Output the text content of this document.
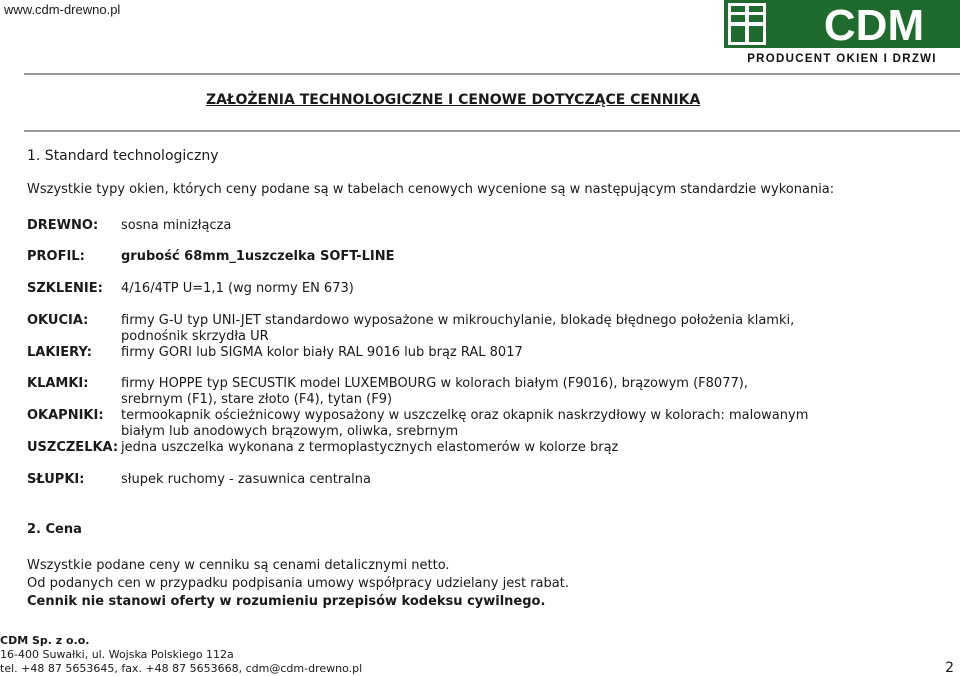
www.cdm-drewno.pl	CDM
PRODUCENT OKIEN I DRZWI
ZAŁOŻENIA TECHNOLOGICZNE I CENOWE DOTYCZĄCE CENNIKA
1. Standard technologiczny
Wszystkie typy okien, których ceny podane są w tabelach cenowych wycenione są w następującym standardzie wykonania:
DREWNO: sosna minizłącza
PROFIL:	grubość 68mm_1uszczelka SOFT-LINE
SZKLENIE: 4/16/4TP U=1,1 (wg normy EN 673)
OKUCIA:	firmy G-U typ UNI-JET standardowo wyposażone w mikrouchylanie, blokadę błędnego położenia klamki,
podnośnik skrzydła UR
LAKIERY: firmy GORI lub SIGMA kolor biały RAL 9016 lub brąz RAL 8017
KLAMKI:	firmy HOPPE typ SECUSTIK model LUXEMBOURG w kolorach białym (F9016), brązowym (F8077),
srebrnym (F1), stare złoto (F4), tytan (F9)
OKAPNIKI: termookapnik ościeżnicowy wyposażony w uszczelkę oraz okapnik naskrzydłowy w kolorach: malowanym
białym lub anodowych brązowym, oliwka, srebrnym
USZCZELKA: jedna uszczelka wykonana z termoplastycznych elastomerów w kolorze brąz
SŁUPKI:	słupek ruchomy - zasuwnica centralna
2. Cena
Wszystkie podane ceny w cenniku są cenami detalicznymi netto.
Od podanych cen w przypadku podpisania umowy współpracy udzielany jest rabat.
Cennik nie stanowi oferty w rozumieniu przepisów kodeksu cywilnego.
CDM Sp. z o.o.
16-400 Suwałki, ul. Wojska Polskiego 112a
tel. +48 87 5653645, fax. +48 87 5653668, cdm@cdm-drewno.pl	2
